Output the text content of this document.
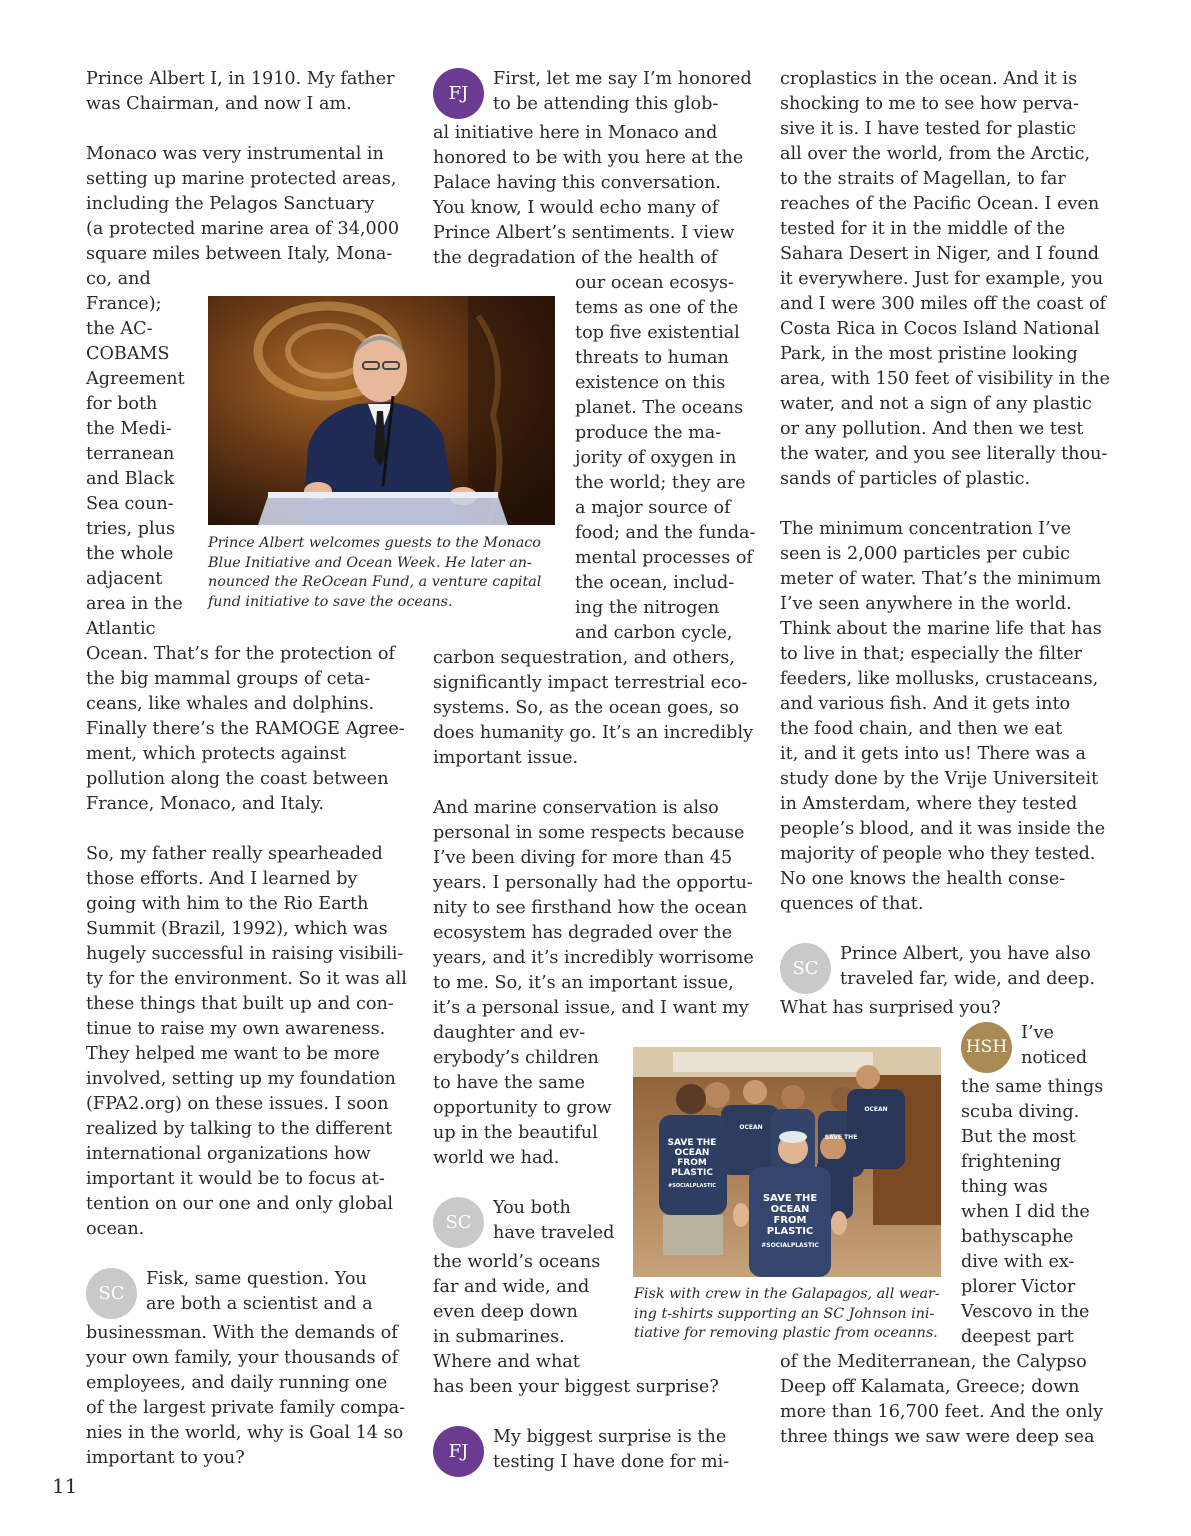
Prince Albert I, in 1910. My father
was Chairman, and now I am.
Monaco was very instrumental in
setting up marine protected areas,
including the Pelagos Sanctuary
(a protected marine area of 34,000
square miles between Italy, Mona-
co, and
France);
the AC-
COBAMS
Agreement
for both
the Medi-
terranean
and Black
Sea coun-
tries, plus
the whole
adjacent
area in the
Atlantic
Ocean. That’s for the protection of
the big mammal groups of ceta-
ceans, like whales and dolphins.
Finally there’s the RAMOGE Agree-
ment, which protects against
pollution along the coast between
France, Monaco, and Italy.
So, my father really spearheaded
those efforts. And I learned by
going with him to the Rio Earth
Summit (Brazil, 1992), which was
hugely successful in raising visibili-
ty for the environment. So it was all
these things that built up and con-
tinue to raise my own awareness.
They helped me want to be more
involved, setting up my foundation
(FPA2.org) on these issues. I soon
realized by talking to the different
international organizations how
important it would be to focus at-
tention on our one and only global
ocean.
SC
Fisk, same question. You
are both a scientist and a
businessman. With the demands of
your own family, your thousands of
employees, and daily running one
of the largest private family compa-
nies in the world, why is Goal 14 so
important to you?
Prince Albert welcomes guests to the Monaco
Blue Initiative and Ocean Week. He later an-
nounced the ReOcean Fund, a venture capital
fund initiative to save the oceans.
FJ
First, let me say I’m honored
to be attending this glob-
al initiative here in Monaco and
honored to be with you here at the
Palace having this conversation.
You know, I would echo many of
Prince Albert’s sentiments. I view
the degradation of the health of
our ocean ecosys-
tems as one of the
top five existential
threats to human
existence on this
planet. The oceans
produce the ma-
jority of oxygen in
the world; they are
a major source of
food; and the funda-
mental processes of
the ocean, includ-
ing the nitrogen
and carbon cycle,
carbon sequestration, and others,
significantly impact terrestrial eco-
systems. So, as the ocean goes, so
does humanity go. It’s an incredibly
important issue.
And marine conservation is also
personal in some respects because
I’ve been diving for more than 45
years. I personally had the opportu-
nity to see firsthand how the ocean
ecosystem has degraded over the
years, and it’s incredibly worrisome
to me. So, it’s an important issue,
it’s a personal issue, and I want my
daughter and ev-
erybody’s children
to have the same
opportunity to grow
up in the beautiful
world we had.
SC
You both
have traveled
the world’s oceans
far and wide, and
even deep down
in submarines.
Where and what
has been your biggest surprise?
FJ
My biggest surprise is the
testing I have done for mi-
SAVE THE
OCEAN
FROM
PLASTIC
#SOCIALPLASTIC
SAVE THE
OCEAN
FROM
PLASTIC
#SOCIALPLASTIC
OCEAN
SAVE THE
OCEAN
Fisk with crew in the Galapagos, all wear-
ing t-shirts supporting an SC Johnson ini-
tiative for removing plastic from oceanns.
croplastics in the ocean. And it is
shocking to me to see how perva-
sive it is. I have tested for plastic
all over the world, from the Arctic,
to the straits of Magellan, to far
reaches of the Pacific Ocean. I even
tested for it in the middle of the
Sahara Desert in Niger, and I found
it everywhere. Just for example, you
and I were 300 miles off the coast of
Costa Rica in Cocos Island National
Park, in the most pristine looking
area, with 150 feet of visibility in the
water, and not a sign of any plastic
or any pollution. And then we test
the water, and you see literally thou-
sands of particles of plastic.
The minimum concentration I’ve
seen is 2,000 particles per cubic
meter of water. That’s the minimum
I’ve seen anywhere in the world.
Think about the marine life that has
to live in that; especially the filter
feeders, like mollusks, crustaceans,
and various fish. And it gets into
the food chain, and then we eat
it, and it gets into us! There was a
study done by the Vrije Universiteit
in Amsterdam, where they tested
people’s blood, and it was inside the
majority of people who they tested.
No one knows the health conse-
quences of that.
SC
Prince Albert, you have also
traveled far, wide, and deep.
What has surprised you?
HSH
I’ve
noticed
the same things
scuba diving.
But the most
frightening
thing was
when I did the
bathyscaphe
dive with ex-
plorer Victor
Vescovo in the
deepest part
of the Mediterranean, the Calypso
Deep off Kalamata, Greece; down
more than 16,700 feet. And the only
three things we saw were deep sea
11
